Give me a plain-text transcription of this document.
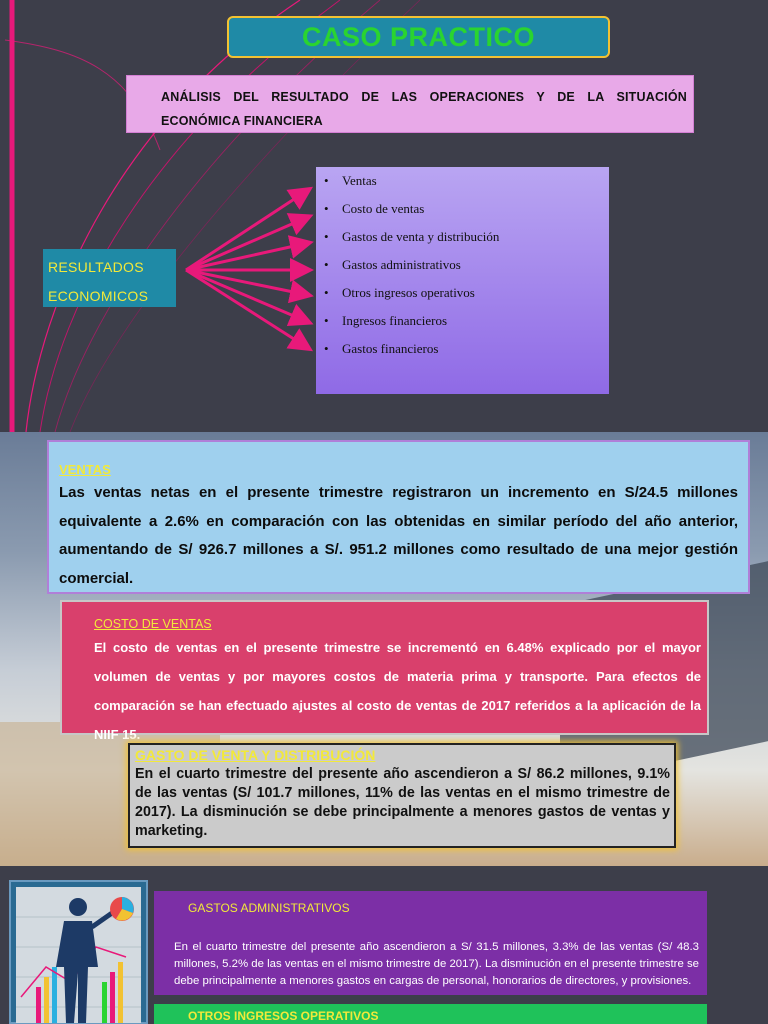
CASO PRACTICO

ANÁLISIS DEL RESULTADO DE LAS OPERACIONES Y DE LA SITUACIÓN ECONÓMICA FINANCIERA

RESULTADOS
ECONOMICOS
•	Ventas
•	Costo de ventas
•	Gastos de venta y distribución
•	Gastos administrativos
•	Otros ingresos operativos
•	Ingresos financieros
•	Gastos financieros
VENTAS

Las ventas netas en el presente trimestre registraron un incremento en S/24.5 millones equivalente a 2.6% en comparación con las obtenidas en similar período del año anterior, aumentando de S/ 926.7 millones a S/. 951.2 millones como resultado de una mejor gestión comercial.

COSTO DE VENTAS

El costo de ventas en el presente trimestre se incrementó en 6.48% explicado por el mayor volumen de ventas y por mayores costos de materia prima y transporte. Para efectos de comparación se han efectuado ajustes al costo de ventas de 2017 referidos a la aplicación de la NIIF 15.

GASTO DE VENTA Y DISTRIBUCIÓN

En el cuarto trimestre del presente año ascendieron a S/ 86.2 millones, 9.1% de las ventas (S/ 101.7 millones, 11% de las ventas en el mismo trimestre de 2017). La disminución se debe principalmente a menores gastos de ventas y marketing.

GASTOS ADMINISTRATIVOS

En el cuarto trimestre del presente año ascendieron a S/ 31.5 millones, 3.3% de las ventas (S/ 48.3 millones, 5.2% de las ventas en el mismo trimestre de 2017). La disminución en el presente trimestre se debe principalmente a menores gastos en cargas de personal, honorarios de directores, y provisiones.

OTROS INGRESOS OPERATIVOS
